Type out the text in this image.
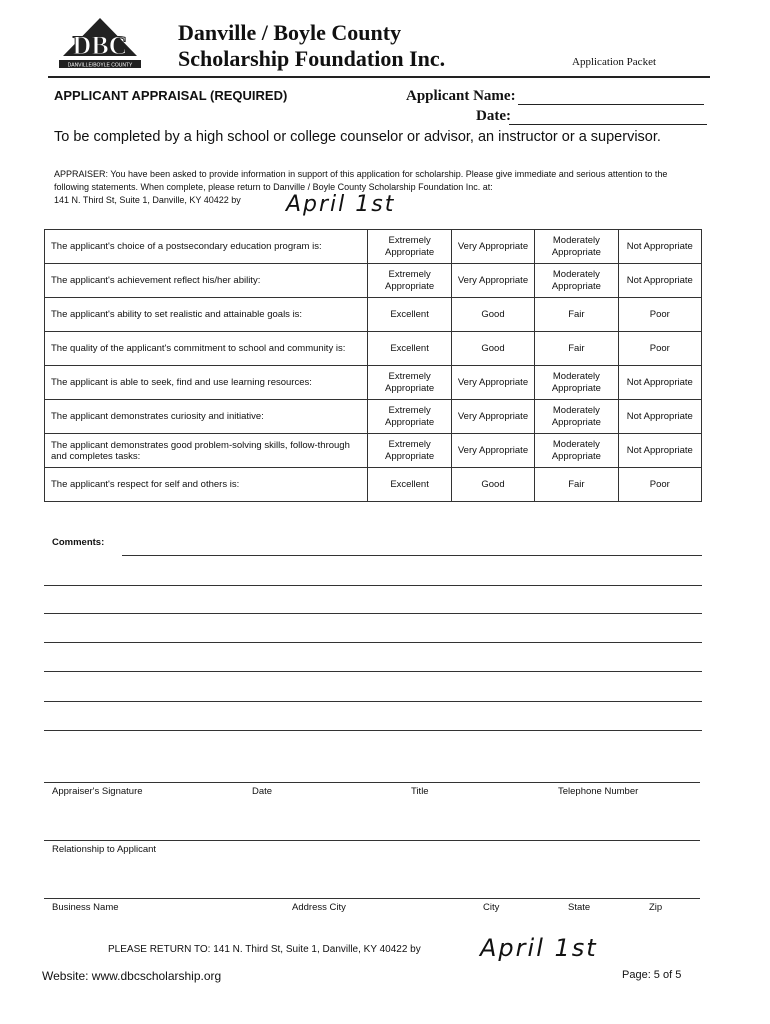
DBC
DANVILLE/BOYLE COUNTY
Danville / Boyle County
Scholarship Foundation Inc.	Application Packet
APPLICANT APPRAISAL (REQUIRED)	Applicant Name:
Date:
To be completed by a high school or college counselor or advisor, an instructor or a supervisor.
APPRAISER: You have been asked to provide information in support of this application for scholarship. Please give immediate and serious attention to the following statements. When complete, please return to Danville / Boyle County Scholarship Foundation Inc. at:
141 N. Third St, Suite 1, Danville, KY 40422 by	April 1st
The applicant's choice of a postsecondary education program is:	Extremely Appropriate	Very Appropriate	Moderately Appropriate	Not Appropriate
The applicant's achievement reflect his/her ability:	Extremely Appropriate	Very Appropriate	Moderately Appropriate	Not Appropriate
The applicant's ability to set realistic and attainable goals is:	Excellent	Good	Fair	Poor
The quality of the applicant's commitment to school and community is:	Excellent	Good	Fair	Poor
The applicant is able to seek, find and use learning resources:	Extremely Appropriate	Very Appropriate	Moderately Appropriate	Not Appropriate
The applicant demonstrates curiosity and initiative:	Extremely Appropriate	Very Appropriate	Moderately Appropriate	Not Appropriate
The applicant demonstrates good problem-solving skills, follow-through and completes tasks:	Extremely Appropriate	Very Appropriate	Moderately Appropriate	Not Appropriate
The applicant's respect for self and others is:	Excellent	Good	Fair	Poor
Comments:
Appraiser's Signature	Date	Title	Telephone Number
Relationship to Applicant
Business Name	Address City	City	State	Zip
PLEASE RETURN TO: 141 N. Third St, Suite 1, Danville, KY 40422 by April 1st
Website: www.dbcscholarship.org	Page: 5 of 5
